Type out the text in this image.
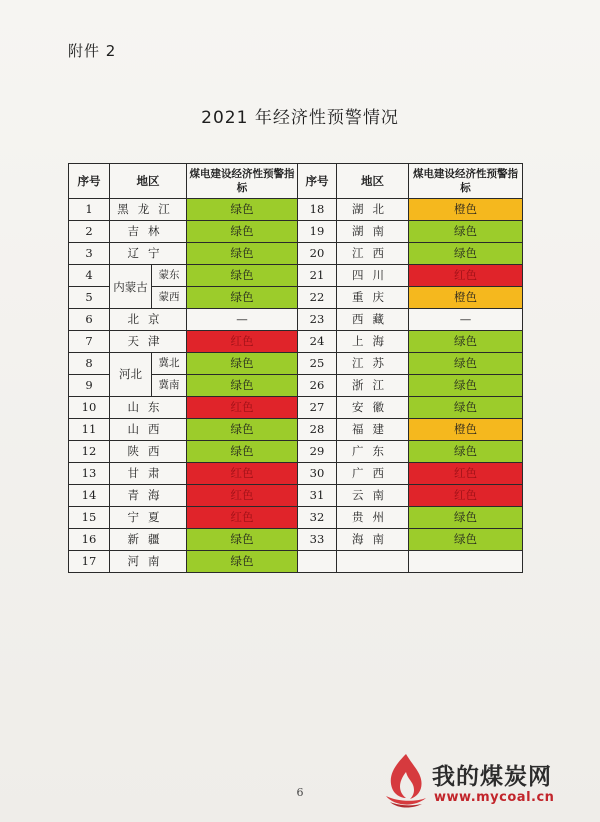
附件 2
2021 年经济性预警情况
序号	地区		煤电建设经济性预警指标	序号	地区	煤电建设经济性预警指标
1	黑龙江		绿色	18	湖北	橙色
2	吉林		绿色	19	湖南	绿色
3	辽宁		绿色	20	江西	绿色
4	内蒙古	蒙东	绿色	21	四川	红色
5		蒙西	绿色	22	重庆	橙色
6	北京		—	23	西藏	—
7	天津		红色	24	上海	绿色
8	河北	冀北	绿色	25	江苏	绿色
9		冀南	绿色	26	浙江	绿色
10	山东		红色	27	安徽	绿色
11	山西		绿色	28	福建	橙色
12	陕西		绿色	29	广东	绿色
13	甘肃		红色	30	广西	红色
14	青海		红色	31	云南	红色
15	宁夏		红色	32	贵州	绿色
16	新疆		绿色	33	海南	绿色
17	河南		绿色			

6
我的煤炭网
www.mycoal.cn
